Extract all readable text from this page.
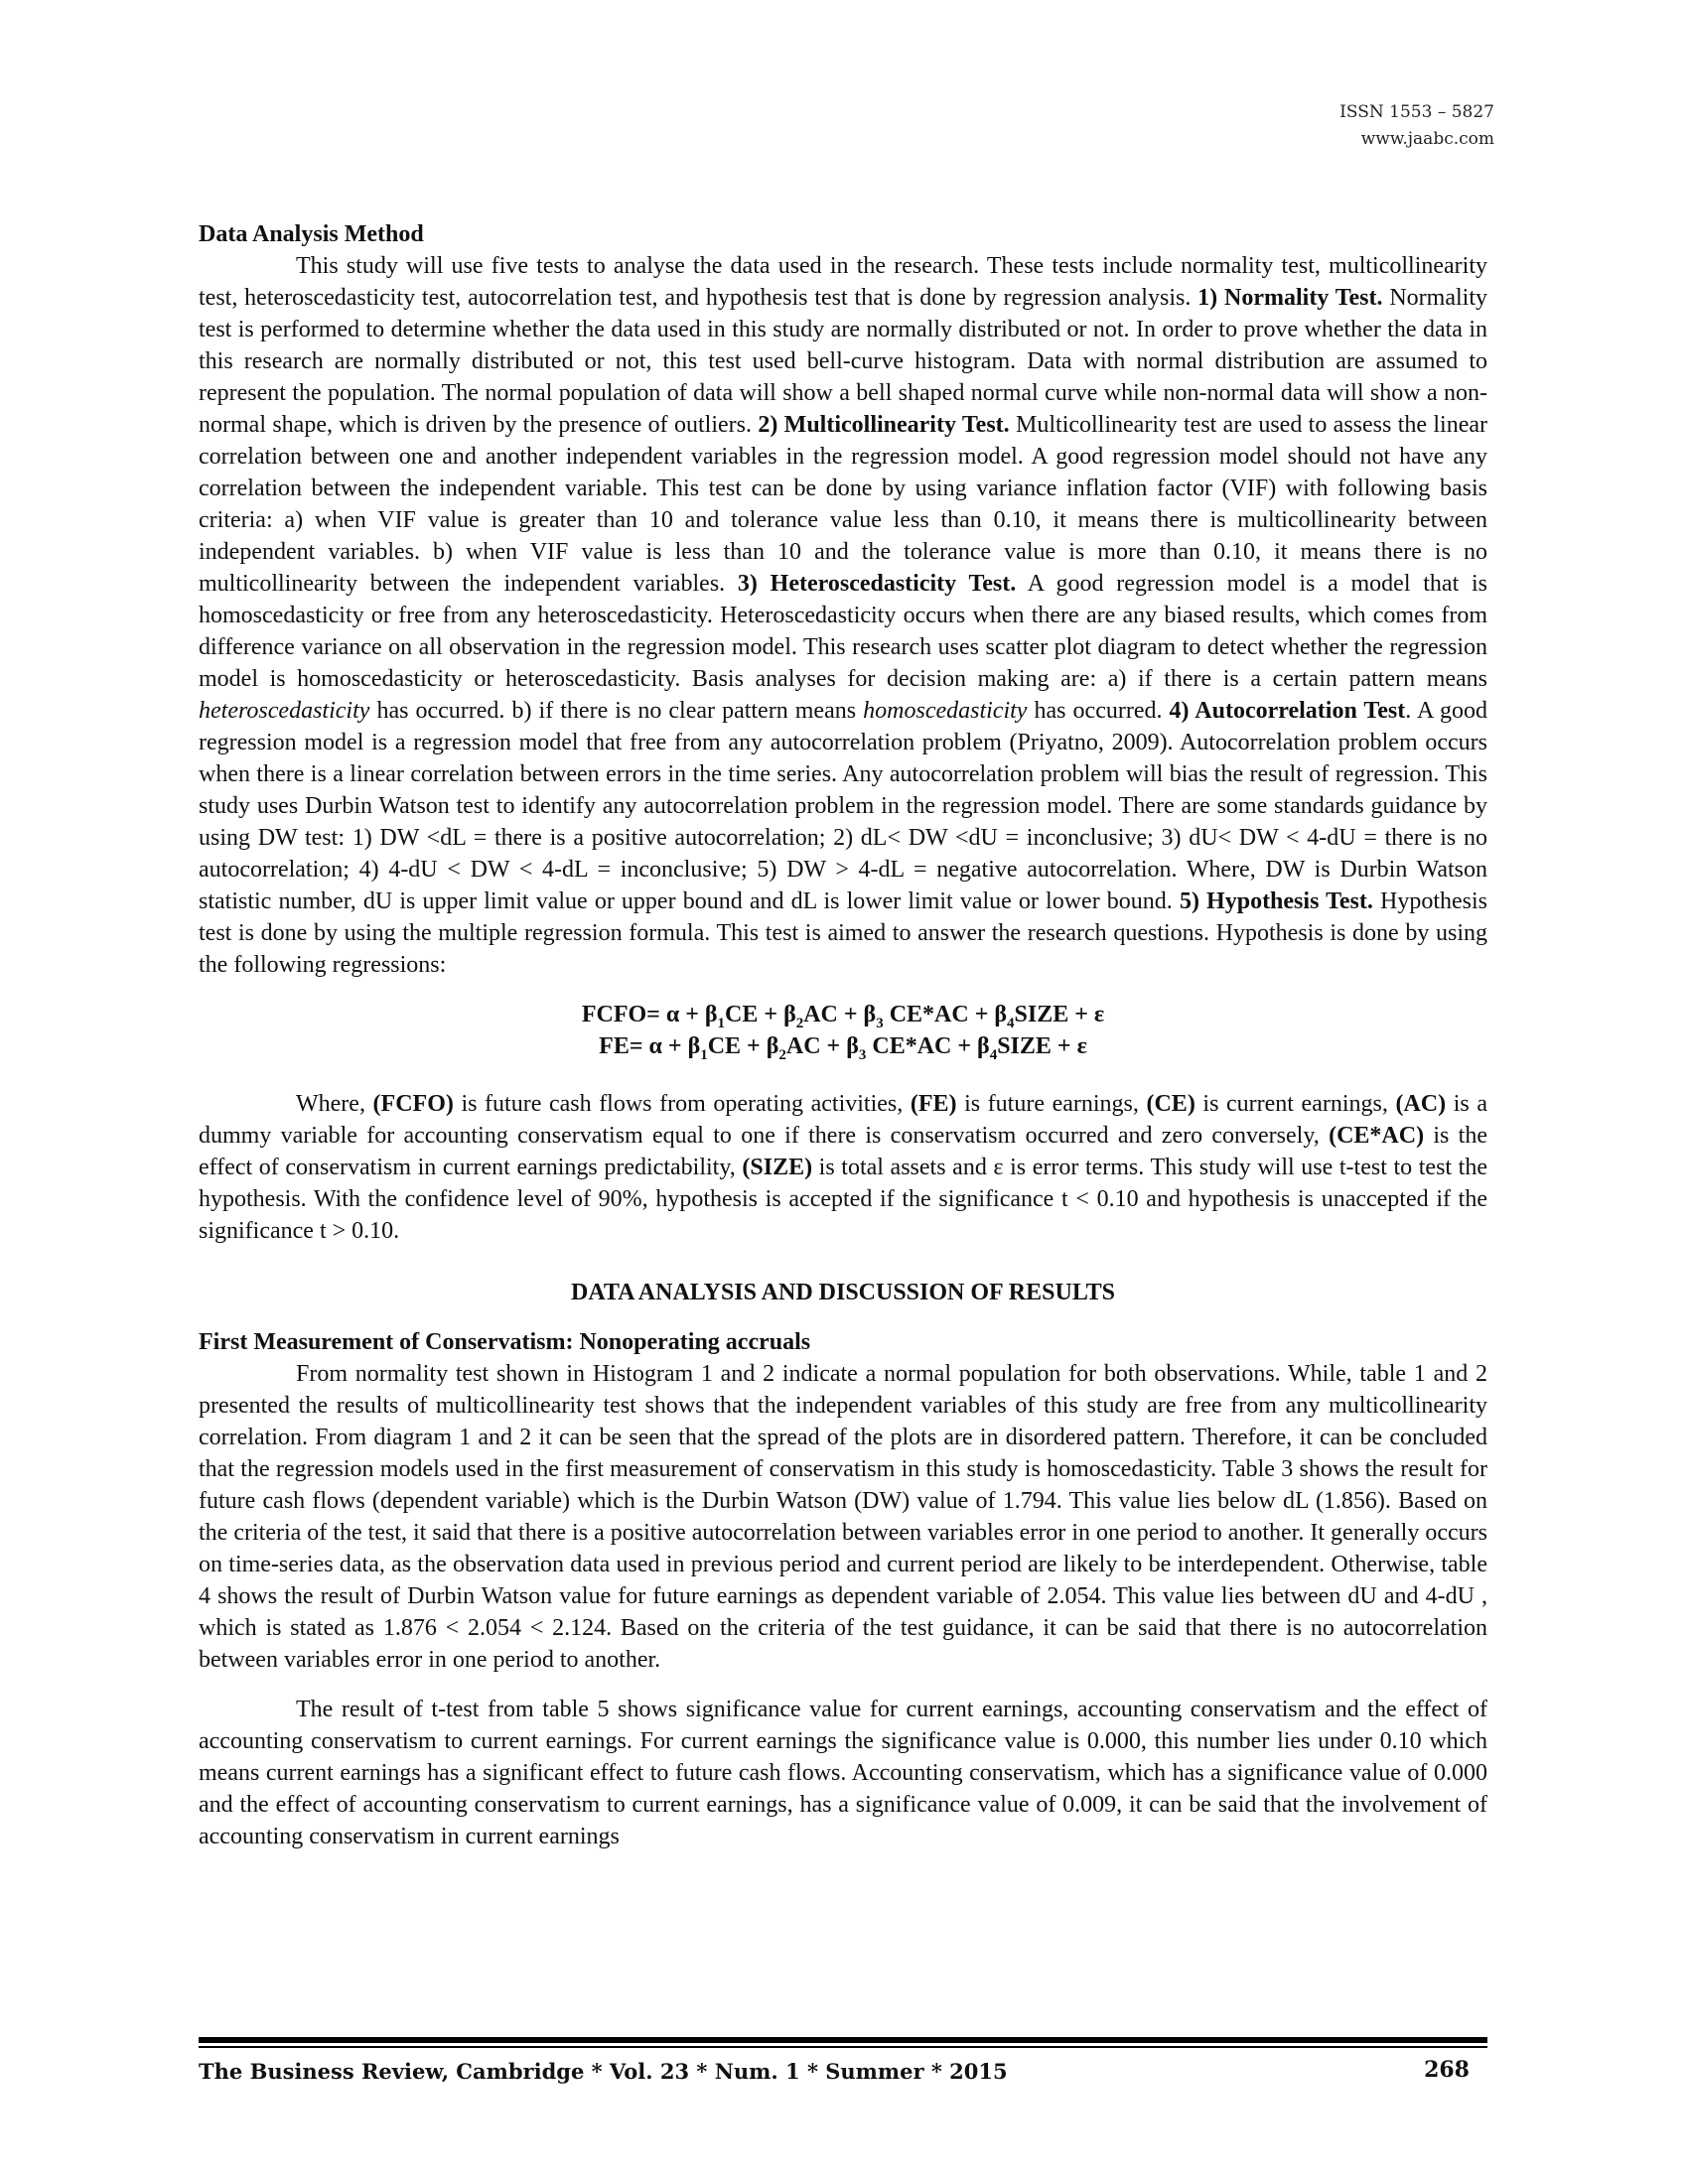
ISSN 1553 – 5827
www.jaabc.com

Data Analysis Method

This study will use five tests to analyse the data used in the research. These tests include normality test, multicollinearity test, heteroscedasticity test, autocorrelation test, and hypothesis test that is done by regression analysis. 1) Normality Test. Normality test is performed to determine whether the data used in this study are normally distributed or not. In order to prove whether the data in this research are normally distributed or not, this test used bell-curve histogram. Data with normal distribution are assumed to represent the population. The normal population of data will show a bell shaped normal curve while non-normal data will show a non-normal shape, which is driven by the presence of outliers. 2) Multicollinearity Test. Multicollinearity test are used to assess the linear correlation between one and another independent variables in the regression model. A good regression model should not have any correlation between the independent variable. This test can be done by using variance inflation factor (VIF) with following basis criteria: a) when VIF value is greater than 10 and tolerance value less than 0.10, it means there is multicollinearity between independent variables. b) when VIF value is less than 10 and the tolerance value is more than 0.10, it means there is no multicollinearity between the independent variables. 3) Heteroscedasticity Test. A good regression model is a model that is homoscedasticity or free from any heteroscedasticity. Heteroscedasticity occurs when there are any biased results, which comes from difference variance on all observation in the regression model. This research uses scatter plot diagram to detect whether the regression model is homoscedasticity or heteroscedasticity. Basis analyses for decision making are: a) if there is a certain pattern means heteroscedasticity has occurred. b) if there is no clear pattern means homoscedasticity has occurred. 4) Autocorrelation Test. A good regression model is a regression model that free from any autocorrelation problem (Priyatno, 2009). Autocorrelation problem occurs when there is a linear correlation between errors in the time series. Any autocorrelation problem will bias the result of regression. This study uses Durbin Watson test to identify any autocorrelation problem in the regression model. There are some standards guidance by using DW test: 1) DW <dL = there is a positive autocorrelation; 2) dL< DW <dU = inconclusive; 3) dU< DW < 4-dU = there is no autocorrelation; 4) 4-dU < DW < 4-dL = inconclusive; 5) DW > 4-dL = negative autocorrelation. Where, DW is Durbin Watson statistic number, dU is upper limit value or upper bound and dL is lower limit value or lower bound. 5) Hypothesis Test. Hypothesis test is done by using the multiple regression formula. This test is aimed to answer the research questions. Hypothesis is done by using the following regressions:

FCFO= $\alpha + \beta_1CE + \beta_2AC + \beta_3$ $CE*AC + \beta_4SIZE + \varepsilon$

$FE= \alpha + \beta_1CE + \beta_2AC + \beta_3$ $CE*AC + \beta_4SIZE + \varepsilon$

Where, (FCFO) is future cash flows from operating activities, (FE) is future earnings, (CE) is current earnings, (AC) is a dummy variable for accounting conservatism equal to one if there is conservatism occurred and zero conversely, (CE*AC) is the effect of conservatism in current earnings predictability, (SIZE) is total assets and ε is error terms. This study will use t-test to test the hypothesis. With the confidence level of 90%, hypothesis is accepted if the significance t < 0.10 and hypothesis is unaccepted if the significance t > 0.10.

DATA ANALYSIS AND DISCUSSION OF RESULTS

First Measurement of Conservatism: Nonoperating accruals

From normality test shown in Histogram 1 and 2 indicate a normal population for both observations. While, table 1 and 2 presented the results of multicollinearity test shows that the independent variables of this study are free from any multicollinearity correlation. From diagram 1 and 2 it can be seen that the spread of the plots are in disordered pattern. Therefore, it can be concluded that the regression models used in the first measurement of conservatism in this study is homoscedasticity. Table 3 shows the result for future cash flows (dependent variable) which is the Durbin Watson (DW) value of 1.794. This value lies below dL (1.856). Based on the criteria of the test, it said that there is a positive autocorrelation between variables error in one period to another. It generally occurs on time-series data, as the observation data used in previous period and current period are likely to be interdependent. Otherwise, table 4 shows the result of Durbin Watson value for future earnings as dependent variable of 2.054. This value lies between dU and 4-dU , which is stated as 1.876 < 2.054 < 2.124. Based on the criteria of the test guidance, it can be said that there is no autocorrelation between variables error in one period to another.

The result of t-test from table 5 shows significance value for current earnings, accounting conservatism and the effect of accounting conservatism to current earnings. For current earnings the significance value is 0.000, this number lies under 0.10 which means current earnings has a significant effect to future cash flows. Accounting conservatism, which has a significance value of 0.000 and the effect of accounting conservatism to current earnings, has a significance value of 0.009, it can be said that the involvement of accounting conservatism in current earnings

The Business Review, Cambridge * Vol. 23 * Num. 1 * Summer * 2015	268
